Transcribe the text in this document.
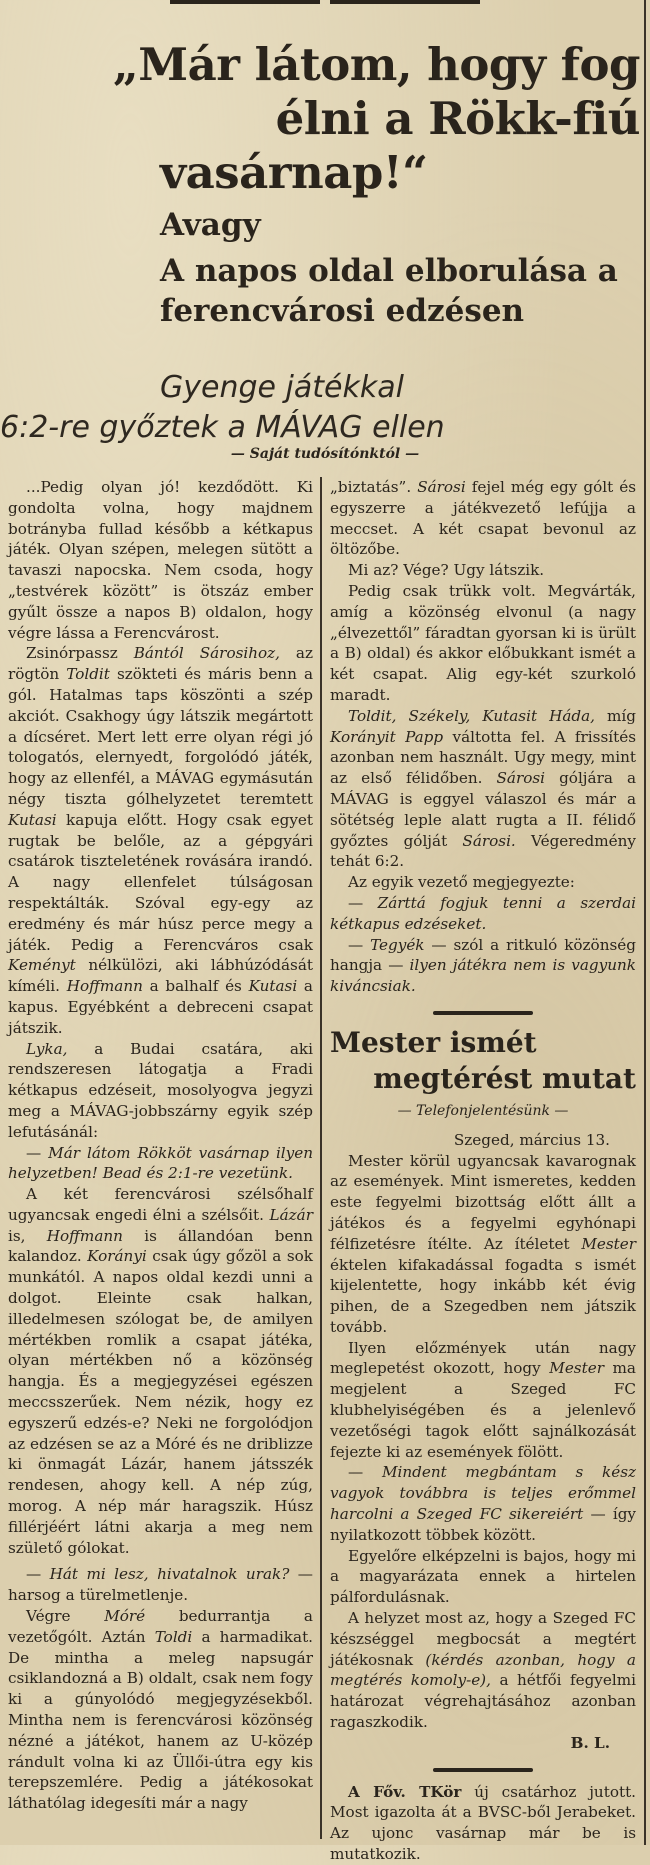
„Már látom, hogy fog
élni a Rökk-fiú
vasárnap!“
Avagy
A napos oldal elborulása a ferencvárosi edzésen
Gyenge játékkal
6:2-re győztek a MÁVAG ellen
— Saját tudósítónktól —

...Pedig olyan jó! kezdődött. Ki gondolta volna, hogy majdnem botrányba fullad később a kétkapus játék. Olyan szépen, melegen sütött a tavaszi napocska. Nem csoda, hogy „testvérek között” is ötszáz ember gyűlt össze a napos B) oldalon, hogy végre lássa a Ferencvárost.

Zsinórpassz Bántól Sárosihoz, az rögtön Toldit szökteti és máris benn a gól. Hatalmas taps köszönti a szép akciót. Csakhogy úgy látszik megártott a dícséret. Mert lett erre olyan régi jó tologatós, elernyedt, forgolódó játék, hogy az ellenfél, a MÁVAG egymásután négy tiszta gólhelyzetet teremtett Kutasi kapuja előtt. Hogy csak egyet rugtak be belőle, az a gépgyári csatárok tiszteletének rovására irandó. A nagy ellenfelet túlságosan respektálták. Szóval egy-egy az eredmény és már húsz perce megy a játék. Pedig a Ferencváros csak Keményt nélkülözi, aki lábhúzódását kíméli. Hoffmann a balhalf és Kutasi a kapus. Egyébként a debreceni csapat játszik.

Lyka, a Budai csatára, aki rendszeresen látogatja a Fradi kétkapus edzéseit, mosolyogva jegyzi meg a MÁVAG-jobbszárny egyik szép lefutásánál:

— Már látom Rökköt vasárnap ilyen helyzetben! Bead és 2:1-re vezetünk.

A két ferencvárosi szélsőhalf ugyancsak engedi élni a szélsőit. Lázár is, Hoffmann is állandóan benn kalandoz. Korányi csak úgy gőzöl a sok munkától. A napos oldal kezdi unni a dolgot. Eleinte csak halkan, illedelmesen szólogat be, de amilyen mértékben romlik a csapat játéka, olyan mértékben nő a közönség hangja. És a megjegyzései egészen meccsszerűek. Nem nézik, hogy ez egyszerű edzés-e? Neki ne forgolódjon az edzésen se az a Móré és ne driblizze ki önmagát Lázár, hanem játsszék rendesen, ahogy kell. A nép zúg, morog. A nép már haragszik. Húsz fillérjéért látni akarja a meg nem születő gólokat.

— Hát mi lesz, hivatalnok urak? — harsog a türelmetlenje.

Végre Móré bedurrantja a vezetőgólt. Aztán Toldi a harmadikat. De mintha a meleg napsugár csiklandozná a B) oldalt, csak nem fogy ki a gúnyolódó megjegyzésekből. Mintha nem is ferencvárosi közönség nézné a játékot, hanem az U-közép rándult volna ki az Üllői-útra egy kis terepszemlére. Pedig a játékosokat láthatólag idegesíti már a nagy

„biztatás”. Sárosi fejel még egy gólt és egyszerre a játékvezető lefújja a meccset. A két csapat bevonul az öltözőbe.

Mi az? Vége? Ugy látszik.

Pedig csak trükk volt. Megvárták, amíg a közönség elvonul (a nagy „élvezettől” fáradtan gyorsan ki is ürült a B) oldal) és akkor előbukkant ismét a két csapat. Alig egy-két szurkoló maradt.

Toldit, Székely, Kutasit Háda, míg Korányit Papp váltotta fel. A frissítés azonban nem használt. Ugy megy, mint az első félidőben. Sárosi góljára a MÁVAG is eggyel válaszol és már a sötétség leple alatt rugta a II. félidő győztes gólját Sárosi. Végeredmény tehát 6:2.

Az egyik vezető megjegyezte:

— Zárttá fogjuk tenni a szerdai kétkapus edzéseket.

— Tegyék — szól a ritkuló közönség hangja — ilyen játékra nem is vagyunk kiváncsiak.

Mester ismét
megtérést mutat
— Telefonjelentésünk —
Szeged, március 13.

Mester körül ugyancsak kavarognak az események. Mint ismeretes, kedden este fegyelmi bizottság előtt állt a játékos és a fegyelmi egyhónapi félfizetésre ítélte. Az ítéletet Mester éktelen kifakadással fogadta s ismét kijelentette, hogy inkább két évig pihen, de a Szegedben nem játszik tovább.

Ilyen előzmények után nagy meglepetést okozott, hogy Mester ma megjelent a Szeged FC klubhelyiségében és a jelenlevő vezetőségi tagok előtt sajnálkozását fejezte ki az események fölött.

— Mindent megbántam s kész vagyok továbbra is teljes erőmmel harcolni a Szeged FC sikereiért — így nyilatkozott többek között.

Egyelőre elképzelni is bajos, hogy mi a magyarázata ennek a hirtelen pálfordulásnak.

A helyzet most az, hogy a Szeged FC készséggel megbocsát a megtért játékosnak (kérdés azonban, hogy a megtérés komoly-e), a hétfői fegyelmi határozat végrehajtásához azonban ragaszkodik.

B. L.

A Főv. TKör új csatárhoz jutott. Most igazolta át a BVSC-ből Jerabeket. Az ujonc vasárnap már be is mutatkozik.
